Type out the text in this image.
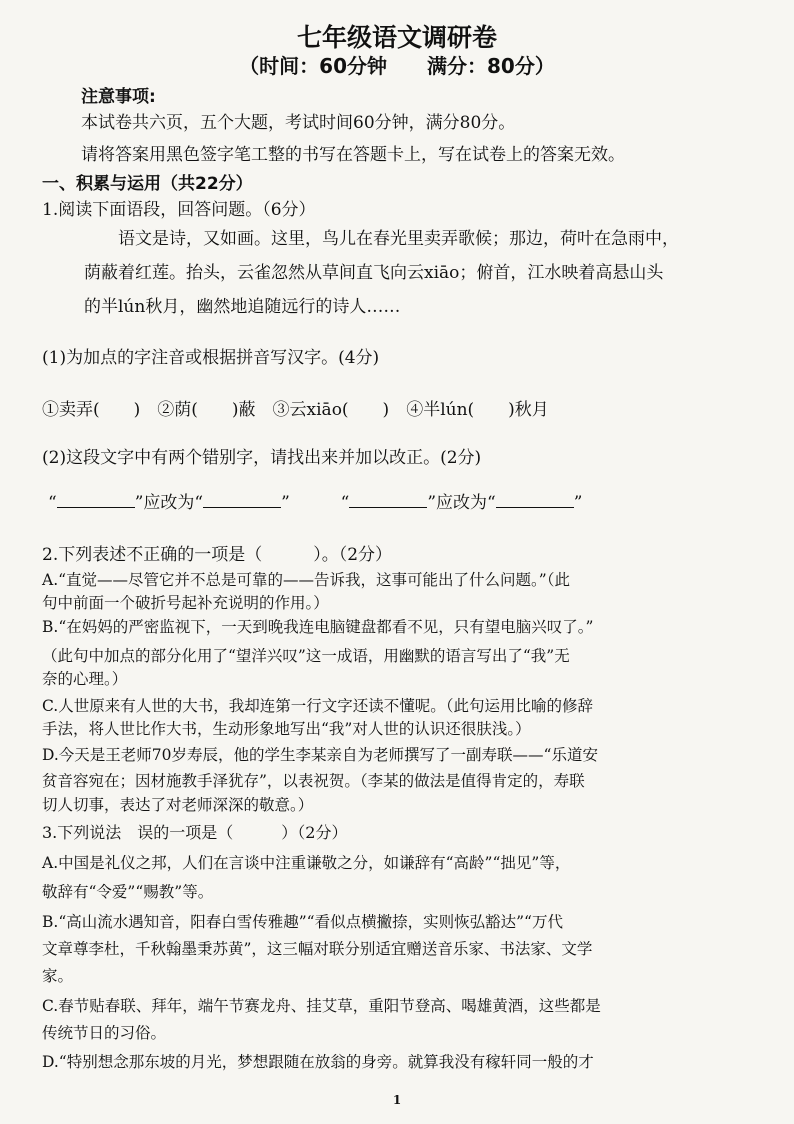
七年级语文调研卷
（时间：60分钟　　满分：80分）
注意事项:
本试卷共六页，五个大题，考试时间60分钟，满分80分。
请将答案用黑色签字笔工整的书写在答题卡上，写在试卷上的答案无效。
一、积累与运用（共22分）
1.阅读下面语段，回答问题。（6分）
语文是诗，又如画。这里，鸟儿在春光里卖弄歌候；那边，荷叶在急雨中，
荫蔽着红莲。抬头，云雀忽然从草间直飞向云xiāo；俯首，江水映着高悬山头
的半lún秋月，幽然地追随远行的诗人……
(1)为加点的字注音或根据拼音写汉字。(4分)
①卖弄(　　)　②荫(　　)蔽　③云xiāo(　　)　④半lún(　　)秋月
(2)这段文字中有两个错别字，请找出来并加以改正。(2分)
“	”应改为“	”	“	”应改为“	”
2.下列表述不正确的一项是（　　　）。（2分）
A.“直觉——尽管它并不总是可靠的——告诉我，这事可能出了什么问题。”（此
句中前面一个破折号起补充说明的作用。）
B.“在妈妈的严密监视下，一天到晚我连电脑键盘都看不见，只有望电脑兴叹了。”
（此句中加点的部分化用了“望洋兴叹”这一成语，用幽默的语言写出了“我”无
奈的心理。）
C.人世原来有人世的大书，我却连第一行文字还读不懂呢。（此句运用比喻的修辞
手法，将人世比作大书，生动形象地写出“我”对人世的认识还很肤浅。）
D.今天是王老师70岁寿辰，他的学生李某亲自为老师撰写了一副寿联——“乐道安
贫音容宛在；因材施教手泽犹存”，以表祝贺。（李某的做法是值得肯定的，寿联
切人切事，表达了对老师深深的敬意。）
3.下列说法　误的一项是（　　　）（2分）
A.中国是礼仪之邦，人们在言谈中注重谦敬之分，如谦辞有“高龄”“拙见”等，
敬辞有“令爱”“赐教”等。
B.“高山流水遇知音，阳春白雪传雅趣”“看似点横撇捺，实则恢弘豁达”“万代
文章尊李杜，千秋翰墨秉苏黄”，这三幅对联分别适宜赠送音乐家、书法家、文学
家。
C.春节贴春联、拜年，端午节赛龙舟、挂艾草，重阳节登高、喝雄黄酒，这些都是
传统节日的习俗。
D.“特别想念那东坡的月光，梦想跟随在放翁的身旁。就算我没有稼轩同一般的才
1
